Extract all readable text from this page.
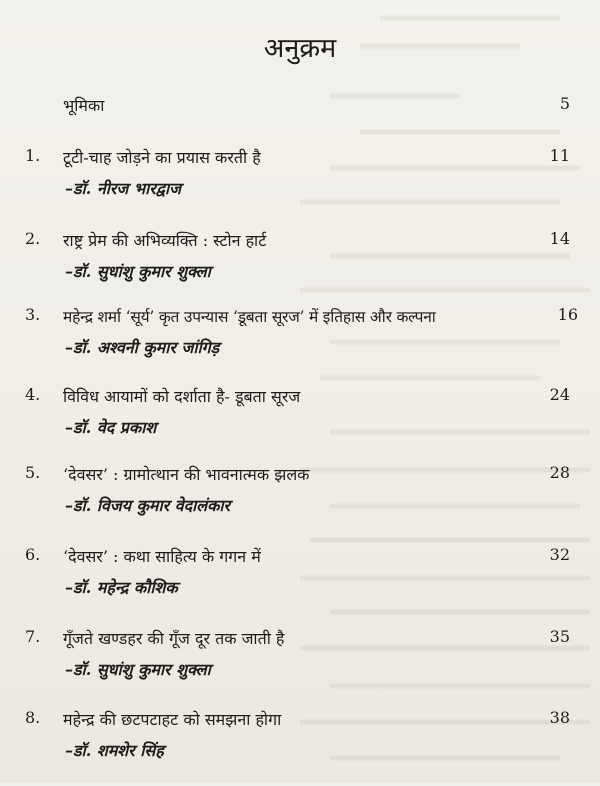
अनुक्रम
भूमिका	5
1. टूटी-चाह जोड़ने का प्रयास करती है	11
–डॉ. नीरज भारद्वाज
2. राष्ट्र प्रेम की अभिव्यक्ति : स्टोन हार्ट	14
–डॉ. सुधांशु कुमार शुक्ला
3. महेन्द्र शर्मा ‘सूर्य’ कृत उपन्यास ‘डूबता सूरज’ में इतिहास और कल्पना	16
–डॉ. अश्वनी कुमार जांगिड़
4. विविध आयामों को दर्शाता है- डूबता सूरज	24
–डॉ. वेद प्रकाश
5. ‘देवसर’ : ग्रामोत्थान की भावनात्मक झलक	28
–डॉ. विजय कुमार वेदालंकार
6. ‘देवसर’ : कथा साहित्य के गगन में	32
–डॉ. महेन्द्र कौशिक
7. गूँजते खण्डहर की गूँज दूर तक जाती है	35
–डॉ. सुधांशु कुमार शुक्ला
8. महेन्द्र की छटपटाहट को समझना होगा	38
–डॉ. शमशेर सिंह
